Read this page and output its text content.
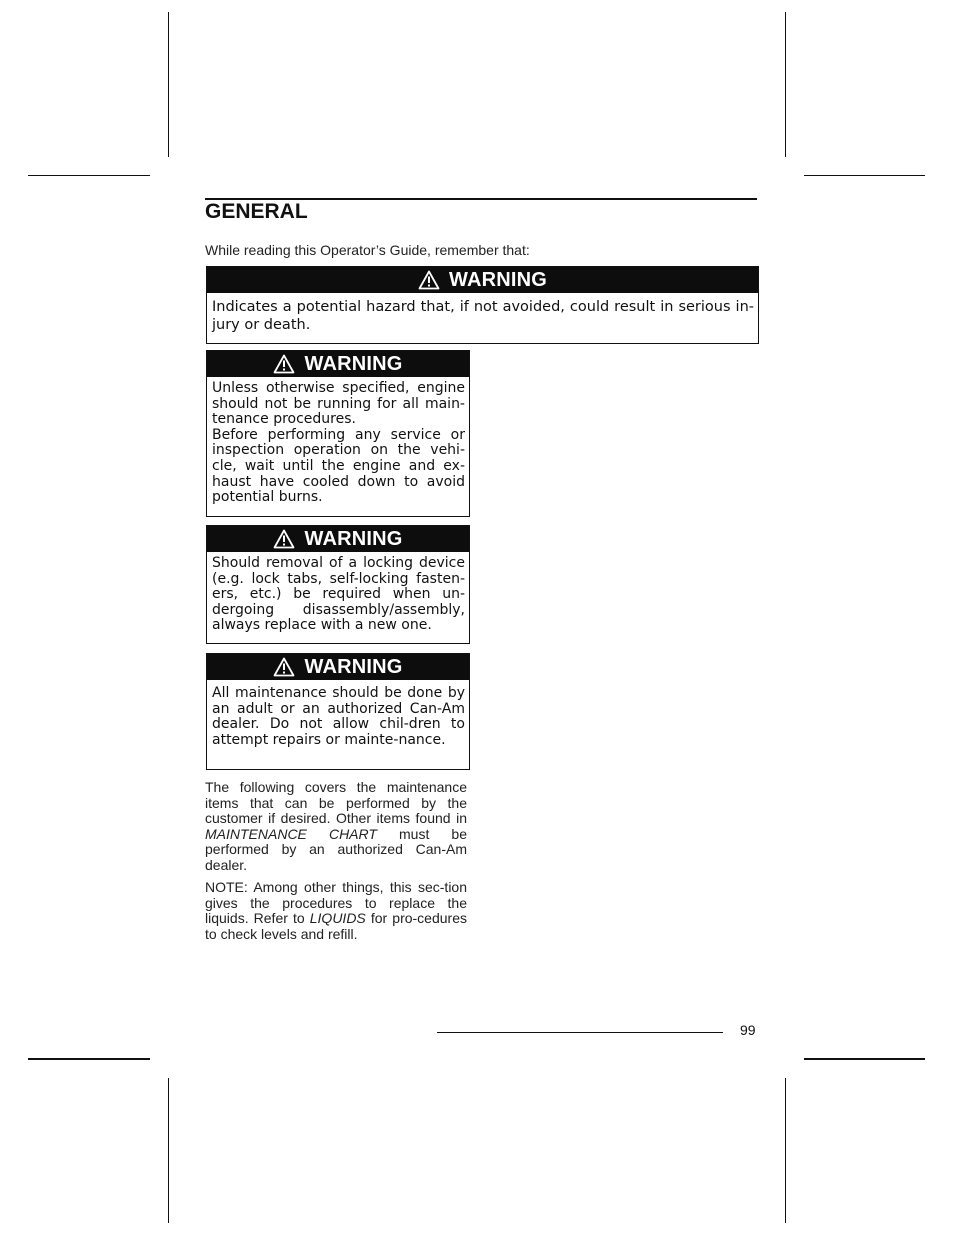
GENERAL

While reading this Operator’s Guide, remember that:

WARNING

Indicates a potential hazard that, if not avoided, could result in serious in-jury or death.

WARNING

Unless otherwise specified, engine should not be running for all main-tenance procedures.

Before performing any service or inspection operation on the vehi-cle, wait until the engine and ex-haust have cooled down to avoid potential burns.

WARNING

Should removal of a locking device (e.g. lock tabs, self-locking fasten-ers, etc.) be required when un-dergoing disassembly/assembly, always replace with a new one.

WARNING

All maintenance should be done by an adult or an authorized Can-Am dealer. Do not allow chil-dren to attempt repairs or mainte-nance.

The following covers the maintenance items that can be performed by the customer if desired. Other items found in MAINTENANCE CHART must be performed by an authorized Can-Am dealer.

NOTE: Among other things, this sec-tion gives the procedures to replace the liquids. Refer to LIQUIDS for pro-cedures to check levels and refill.

99
